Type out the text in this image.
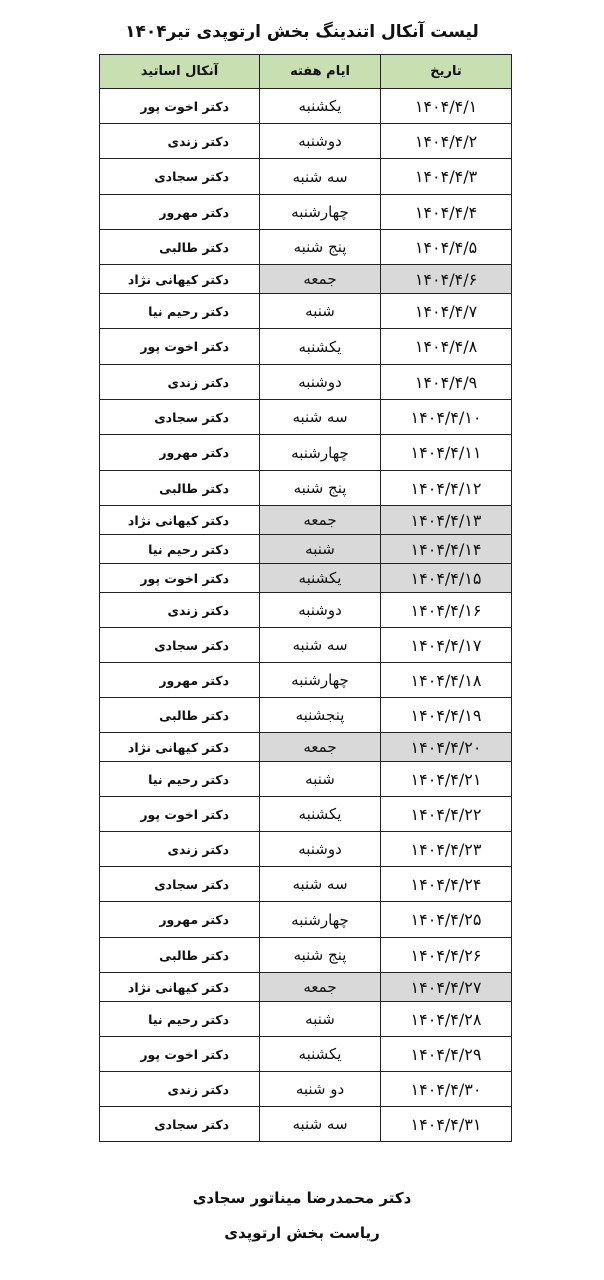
لیست آنکال اتندینگ بخش ارتوپدی تیر۱۴۰۴
تاریخ	ایام هفته	آنکال اساتید
۱۴۰۴/۴/۱	یکشنبه	دکتر اخوت پور
۱۴۰۴/۴/۲	دوشنبه	دکتر زندی
۱۴۰۴/۴/۳	سه شنبه	دکتر سجادی
۱۴۰۴/۴/۴	چهارشنبه	دکتر مهرور
۱۴۰۴/۴/۵	پنج شنبه	دکتر طالبی
۱۴۰۴/۴/۶	جمعه	دکتر کیهانی نژاد
۱۴۰۴/۴/۷	شنبه	دکتر رحیم نیا
۱۴۰۴/۴/۸	یکشنبه	دکتر اخوت پور
۱۴۰۴/۴/۹	دوشنبه	دکتر زندی
۱۴۰۴/۴/۱۰	سه شنبه	دکتر سجادی
۱۴۰۴/۴/۱۱	چهارشنبه	دکتر مهرور
۱۴۰۴/۴/۱۲	پنج شنبه	دکتر طالبی
۱۴۰۴/۴/۱۳	جمعه	دکتر کیهانی نژاد
۱۴۰۴/۴/۱۴	شنبه	دکتر رحیم نیا
۱۴۰۴/۴/۱۵	یکشنبه	دکتر اخوت پور
۱۴۰۴/۴/۱۶	دوشنبه	دکتر زندی
۱۴۰۴/۴/۱۷	سه شنبه	دکتر سجادی
۱۴۰۴/۴/۱۸	چهارشنبه	دکتر مهرور
۱۴۰۴/۴/۱۹	پنجشنبه	دکتر طالبی
۱۴۰۴/۴/۲۰	جمعه	دکتر کیهانی نژاد
۱۴۰۴/۴/۲۱	شنبه	دکتر رحیم نیا
۱۴۰۴/۴/۲۲	یکشنبه	دکتر اخوت پور
۱۴۰۴/۴/۲۳	دوشنبه	دکتر زندی
۱۴۰۴/۴/۲۴	سه شنبه	دکتر سجادی
۱۴۰۴/۴/۲۵	چهارشنبه	دکتر مهرور
۱۴۰۴/۴/۲۶	پنج شنبه	دکتر طالبی
۱۴۰۴/۴/۲۷	جمعه	دکتر کیهانی نژاد
۱۴۰۴/۴/۲۸	شنبه	دکتر رحیم نیا
۱۴۰۴/۴/۲۹	یکشنبه	دکتر اخوت پور
۱۴۰۴/۴/۳۰	دو شنبه	دکتر زندی
۱۴۰۴/۴/۳۱	سه شنبه	دکتر سجادی
دکتر محمدرضا میناتور سجادی
ریاست بخش ارتوپدی
